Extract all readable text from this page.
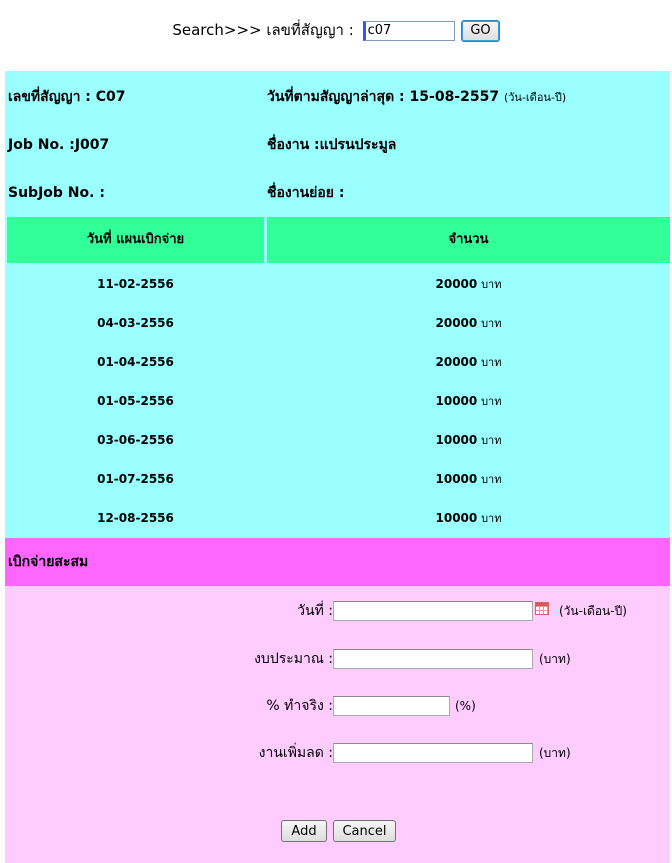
Search>>> เลขที่สัญญา : c07	GO
เลขที่สัญญา : C07	วันที่ตามสัญญาล่าสุด : 15-08-2557 (วัน-เดือน-ปี)
Job No. :J007	ชื่องาน :แปรนประมูล
SubJob No. :	ชื่องานย่อย :
วันที่ แผนเบิกจ่าย	จำนวน
11-02-2556	20000 บาท
04-03-2556	20000 บาท
01-04-2556	20000 บาท
01-05-2556	10000 บาท
03-06-2556	10000 บาท
01-07-2556	10000 บาท
12-08-2556	10000 บาท
เบิกจ่ายสะสม
วันที่ :	(วัน-เดือน-ปี)
งบประมาณ :	(บาท)
% ทำจริง :	(%)
งานเพิ่มลด :	(บาท)
Add	Cancel
